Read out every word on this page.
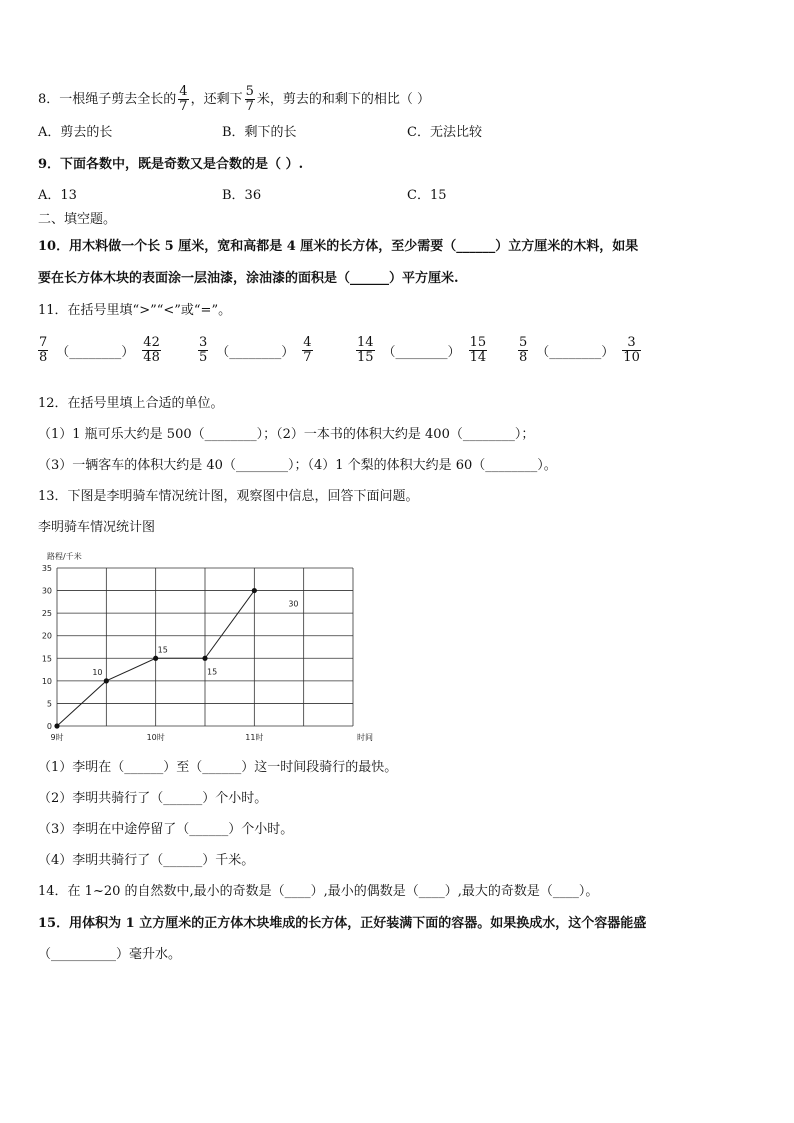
8．一根绳子剪去全长的 $\frac{4}{7}$ ，还剩下 $\frac{5}{7}$ 米，剪去的和剩下的相比（ ）
A．剪去的长	B．剩下的长	C．无法比较
9．下面各数中，既是奇数又是合数的是（ ）.
A．13	B．36	C．15
二、填空题。
10．用木料做一个长 5 厘米，宽和高都是 4 厘米的长方体，至少需要（______）立方厘米的木料，如果
要在长方体木块的表面涂一层油漆，涂油漆的面积是（______）平方厘米.
11．在括号里填“>”“<”或“=”。
$\frac{7}{8}$ （________） $\frac{42}{48}$	$\frac{3}{5}$ （________） $\frac{4}{7}$	$\frac{14}{15}$ （________） $\frac{15}{14} \frac{5}{8}$ （________） $\frac{3}{10}$
12．在括号里填上合适的单位。
（1）1 瓶可乐大约是 500（________）；（2）一本书的体积大约是 400（________）；
（3）一辆客车的体积大约是 40（________）；（4）1 个梨的体积大约是 60（________）。
13．下图是李明骑车情况统计图，观察图中信息，回答下面问题。
李明骑车情况统计图
0
5
10
15
20
25
30
35
9时	10时	11时
路程/千米
时间
10
15
15
30
（1）李明在（______）至（______）这一时间段骑行的最快。
（2）李明共骑行了（______）个小时。
（3）李明在中途停留了（______）个小时。
（4）李明共骑行了（______）千米。
14．在 1~20 的自然数中,最小的奇数是（____）,最小的偶数是（____）,最大的奇数是（____）。
15．用体积为 1 立方厘米的正方体木块堆成的长方体，正好装满下面的容器。如果换成水，这个容器能盛
（__________）毫升水。
